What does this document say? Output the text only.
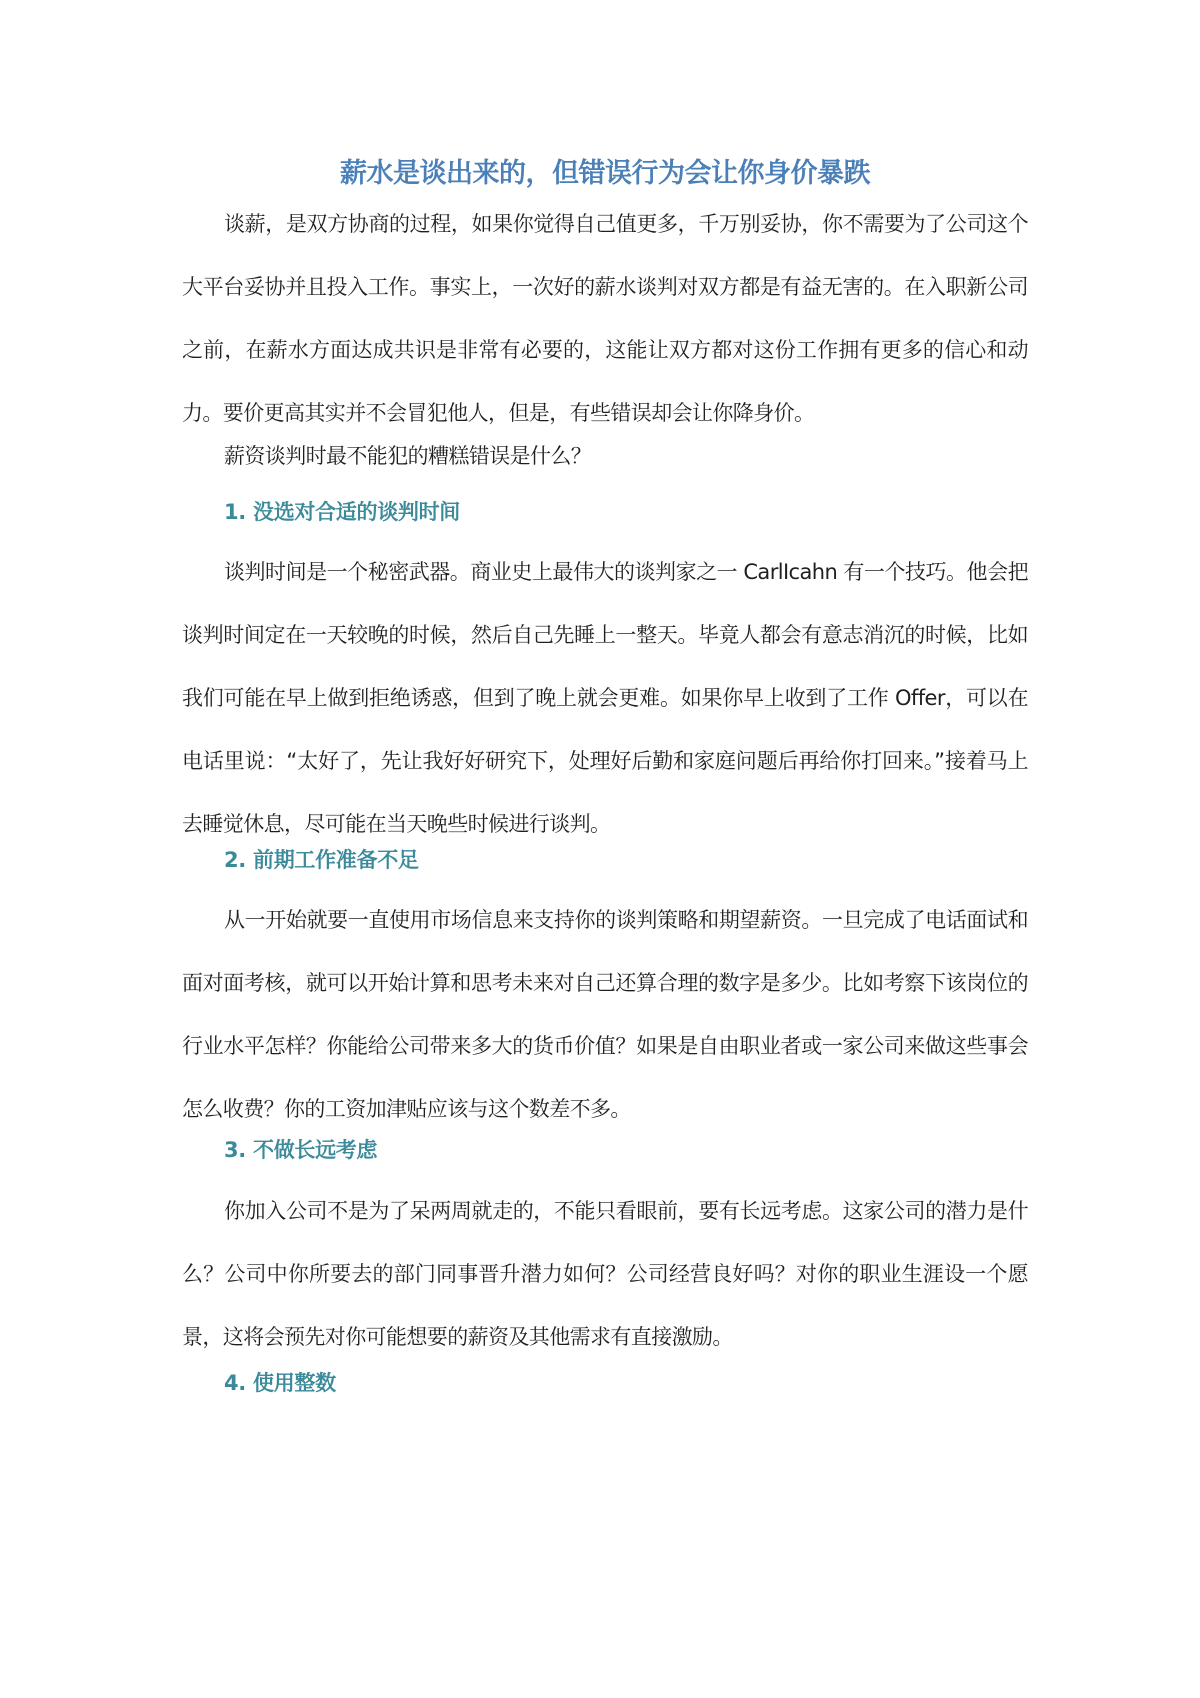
薪水是谈出来的，但错误行为会让你身价暴跌

谈薪，是双方协商的过程，如果你觉得自己值更多，千万别妥协，你不需要为了公司这个大平台妥协并且投入工作。事实上，一次好的薪水谈判对双方都是有益无害的。在入职新公司之前，在薪水方面达成共识是非常有必要的，这能让双方都对这份工作拥有更多的信心和动力。要价更高其实并不会冒犯他人，但是，有些错误却会让你降身价。

薪资谈判时最不能犯的糟糕错误是什么？

1. 没选对合适的谈判时间

谈判时间是一个秘密武器。商业史上最伟大的谈判家之一 CarlIcahn 有一个技巧。他会把谈判时间定在一天较晚的时候，然后自己先睡上一整天。毕竟人都会有意志消沉的时候，比如我们可能在早上做到拒绝诱惑，但到了晚上就会更难。如果你早上收到了工作 Offer，可以在电话里说：“太好了，先让我好好研究下，处理好后勤和家庭问题后再给你打回来。”接着马上去睡觉休息，尽可能在当天晚些时候进行谈判。

2. 前期工作准备不足

从一开始就要一直使用市场信息来支持你的谈判策略和期望薪资。一旦完成了电话面试和面对面考核，就可以开始计算和思考未来对自己还算合理的数字是多少。比如考察下该岗位的行业水平怎样？你能给公司带来多大的货币价值？如果是自由职业者或一家公司来做这些事会怎么收费？你的工资加津贴应该与这个数差不多。

3. 不做长远考虑

你加入公司不是为了呆两周就走的，不能只看眼前，要有长远考虑。这家公司的潜力是什么？公司中你所要去的部门同事晋升潜力如何？公司经营良好吗？对你的职业生涯设一个愿景，这将会预先对你可能想要的薪资及其他需求有直接激励。

4. 使用整数
